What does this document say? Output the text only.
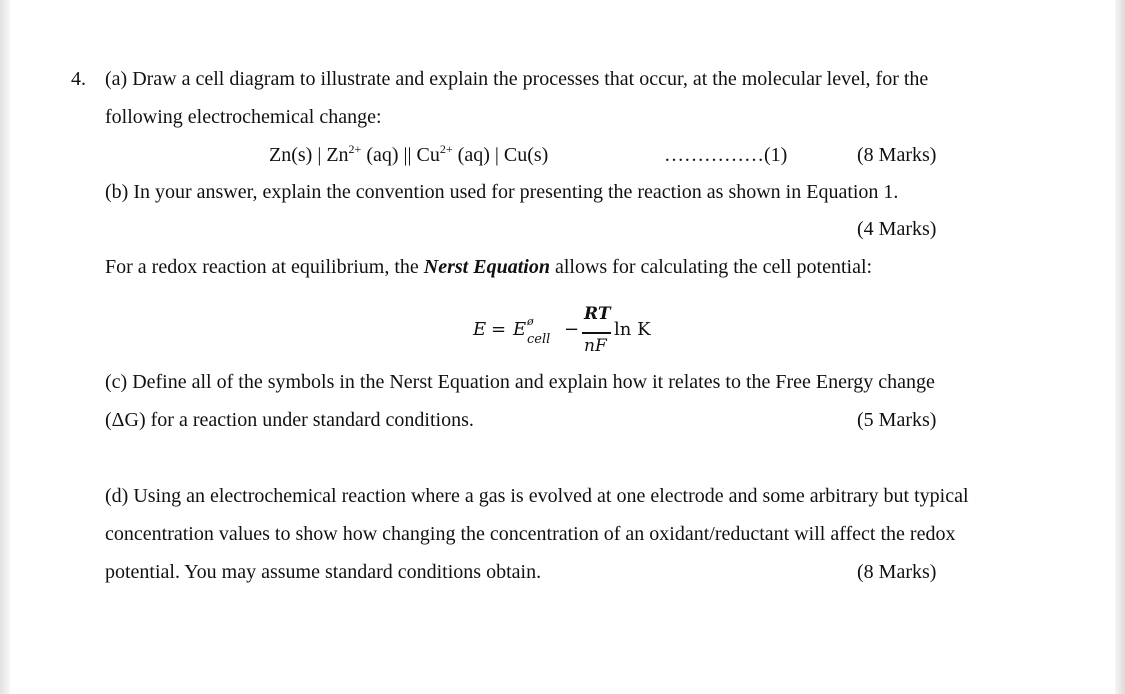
4. (a) Draw a cell diagram to illustrate and explain the processes that occur, at the molecular level, for the
following electrochemical change:
Zn(s) | $Zn^{2+}$ (aq) || $Cu^{2+}$ (aq) | Cu(s)	……………(1)	(8 Marks)
(b) In your answer, explain the convention used for presenting the reaction as shown in Equation 1.
(4 Marks)
For a redox reaction at equilibrium, the Nerst Equation allows for calculating the cell potential:
E = E ø
cell −
RT
nF
ln K
(c) Define all of the symbols in the Nerst Equation and explain how it relates to the Free Energy change
(ΔG) for a reaction under standard conditions.	(5 Marks)
(d) Using an electrochemical reaction where a gas is evolved at one electrode and some arbitrary but typical
concentration values to show how changing the concentration of an oxidant/reductant will affect the redox
potential. You may assume standard conditions obtain.	(8 Marks)
